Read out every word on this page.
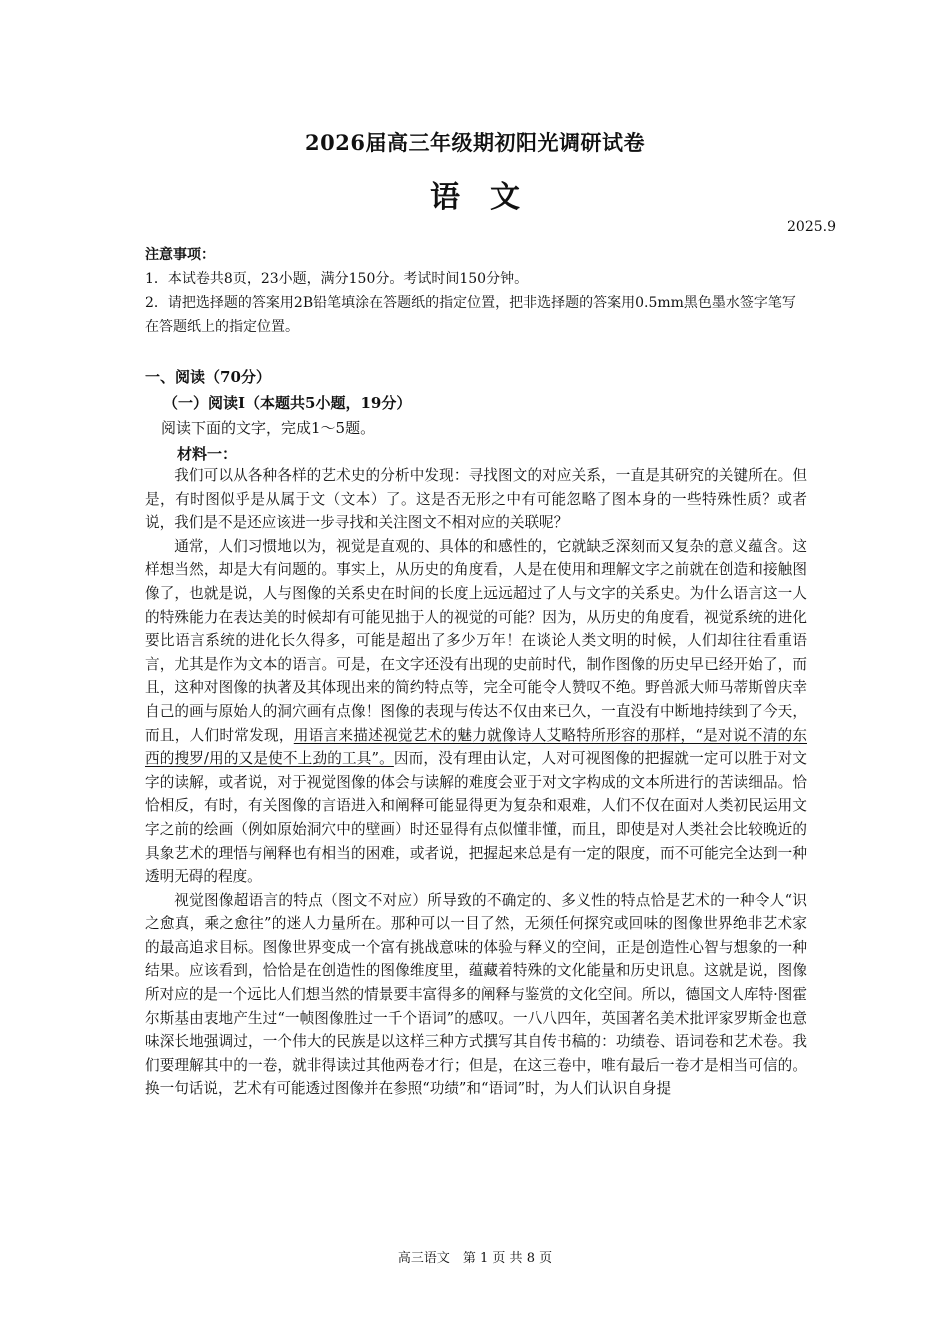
2026届高三年级期初阳光调研试卷
语　文
2025.9
注意事项：
1．本试卷共8页，23小题，满分150分。考试时间150分钟。
2．请把选择题的答案用2B铅笔填涂在答题纸的指定位置，把非选择题的答案用0.5mm黑色墨水签字笔写在答题纸上的指定位置。
一、阅读（70分）
（一）阅读Ⅰ（本题共5小题，19分）
阅读下面的文字，完成1～5题。
材料一：

我们可以从各种各样的艺术史的分析中发现：寻找图文的对应关系，一直是其研究的关键所在。但是，有时图似乎是从属于文（文本）了。这是否无形之中有可能忽略了图本身的一些特殊性质？或者说，我们是不是还应该进一步寻找和关注图文不相对应的关联呢？

通常，人们习惯地以为，视觉是直观的、具体的和感性的，它就缺乏深刻而又复杂的意义蕴含。这样想当然，却是大有问题的。事实上，从历史的角度看，人是在使用和理解文字之前就在创造和接触图像了，也就是说，人与图像的关系史在时间的长度上远远超过了人与文字的关系史。为什么语言这一人的特殊能力在表达美的时候却有可能见拙于人的视觉的可能？因为，从历史的角度看，视觉系统的进化要比语言系统的进化长久得多，可能是超出了多少万年！在谈论人类文明的时候，人们却往往看重语言，尤其是作为文本的语言。可是，在文字还没有出现的史前时代，制作图像的历史早已经开始了，而且，这种对图像的执著及其体现出来的简约特点等，完全可能令人赞叹不绝。野兽派大师马蒂斯曾庆幸自己的画与原始人的洞穴画有点像！图像的表现与传达不仅由来已久，一直没有中断地持续到了今天，而且，人们时常发现，用语言来描述视觉艺术的魅力就像诗人艾略特所形容的那样，“是对说不清的东西的搜罗/用的又是使不上劲的工具”。因而，没有理由认定，人对可视图像的把握就一定可以胜于对文字的读解，或者说，对于视觉图像的体会与读解的难度会亚于对文字构成的文本所进行的苦读细品。恰恰相反，有时，有关图像的言语进入和阐释可能显得更为复杂和艰难，人们不仅在面对人类初民运用文字之前的绘画（例如原始洞穴中的壁画）时还显得有点似懂非懂，而且，即使是对人类社会比较晚近的具象艺术的理悟与阐释也有相当的困难，或者说，把握起来总是有一定的限度，而不可能完全达到一种透明无碍的程度。

视觉图像超语言的特点（图文不对应）所导致的不确定的、多义性的特点恰是艺术的一种令人“识之愈真，乘之愈往”的迷人力量所在。那种可以一目了然，无须任何探究或回味的图像世界绝非艺术家的最高追求目标。图像世界变成一个富有挑战意味的体验与释义的空间，正是创造性心智与想象的一种结果。应该看到，恰恰是在创造性的图像维度里，蕴藏着特殊的文化能量和历史讯息。这就是说，图像所对应的是一个远比人们想当然的情景要丰富得多的阐释与鉴赏的文化空间。所以，德国文人库特·图霍尔斯基由衷地产生过“一帧图像胜过一千个语词”的感叹。一八八四年，英国著名美术批评家罗斯金也意味深长地强调过，一个伟大的民族是以这样三种方式撰写其自传书稿的：功绩卷、语词卷和艺术卷。我们要理解其中的一卷，就非得读过其他两卷才行；但是，在这三卷中，唯有最后一卷才是相当可信的。换一句话说，艺术有可能透过图像并在参照“功绩”和“语词”时，为人们认识自身提

高三语文　第 1 页 共 8 页
